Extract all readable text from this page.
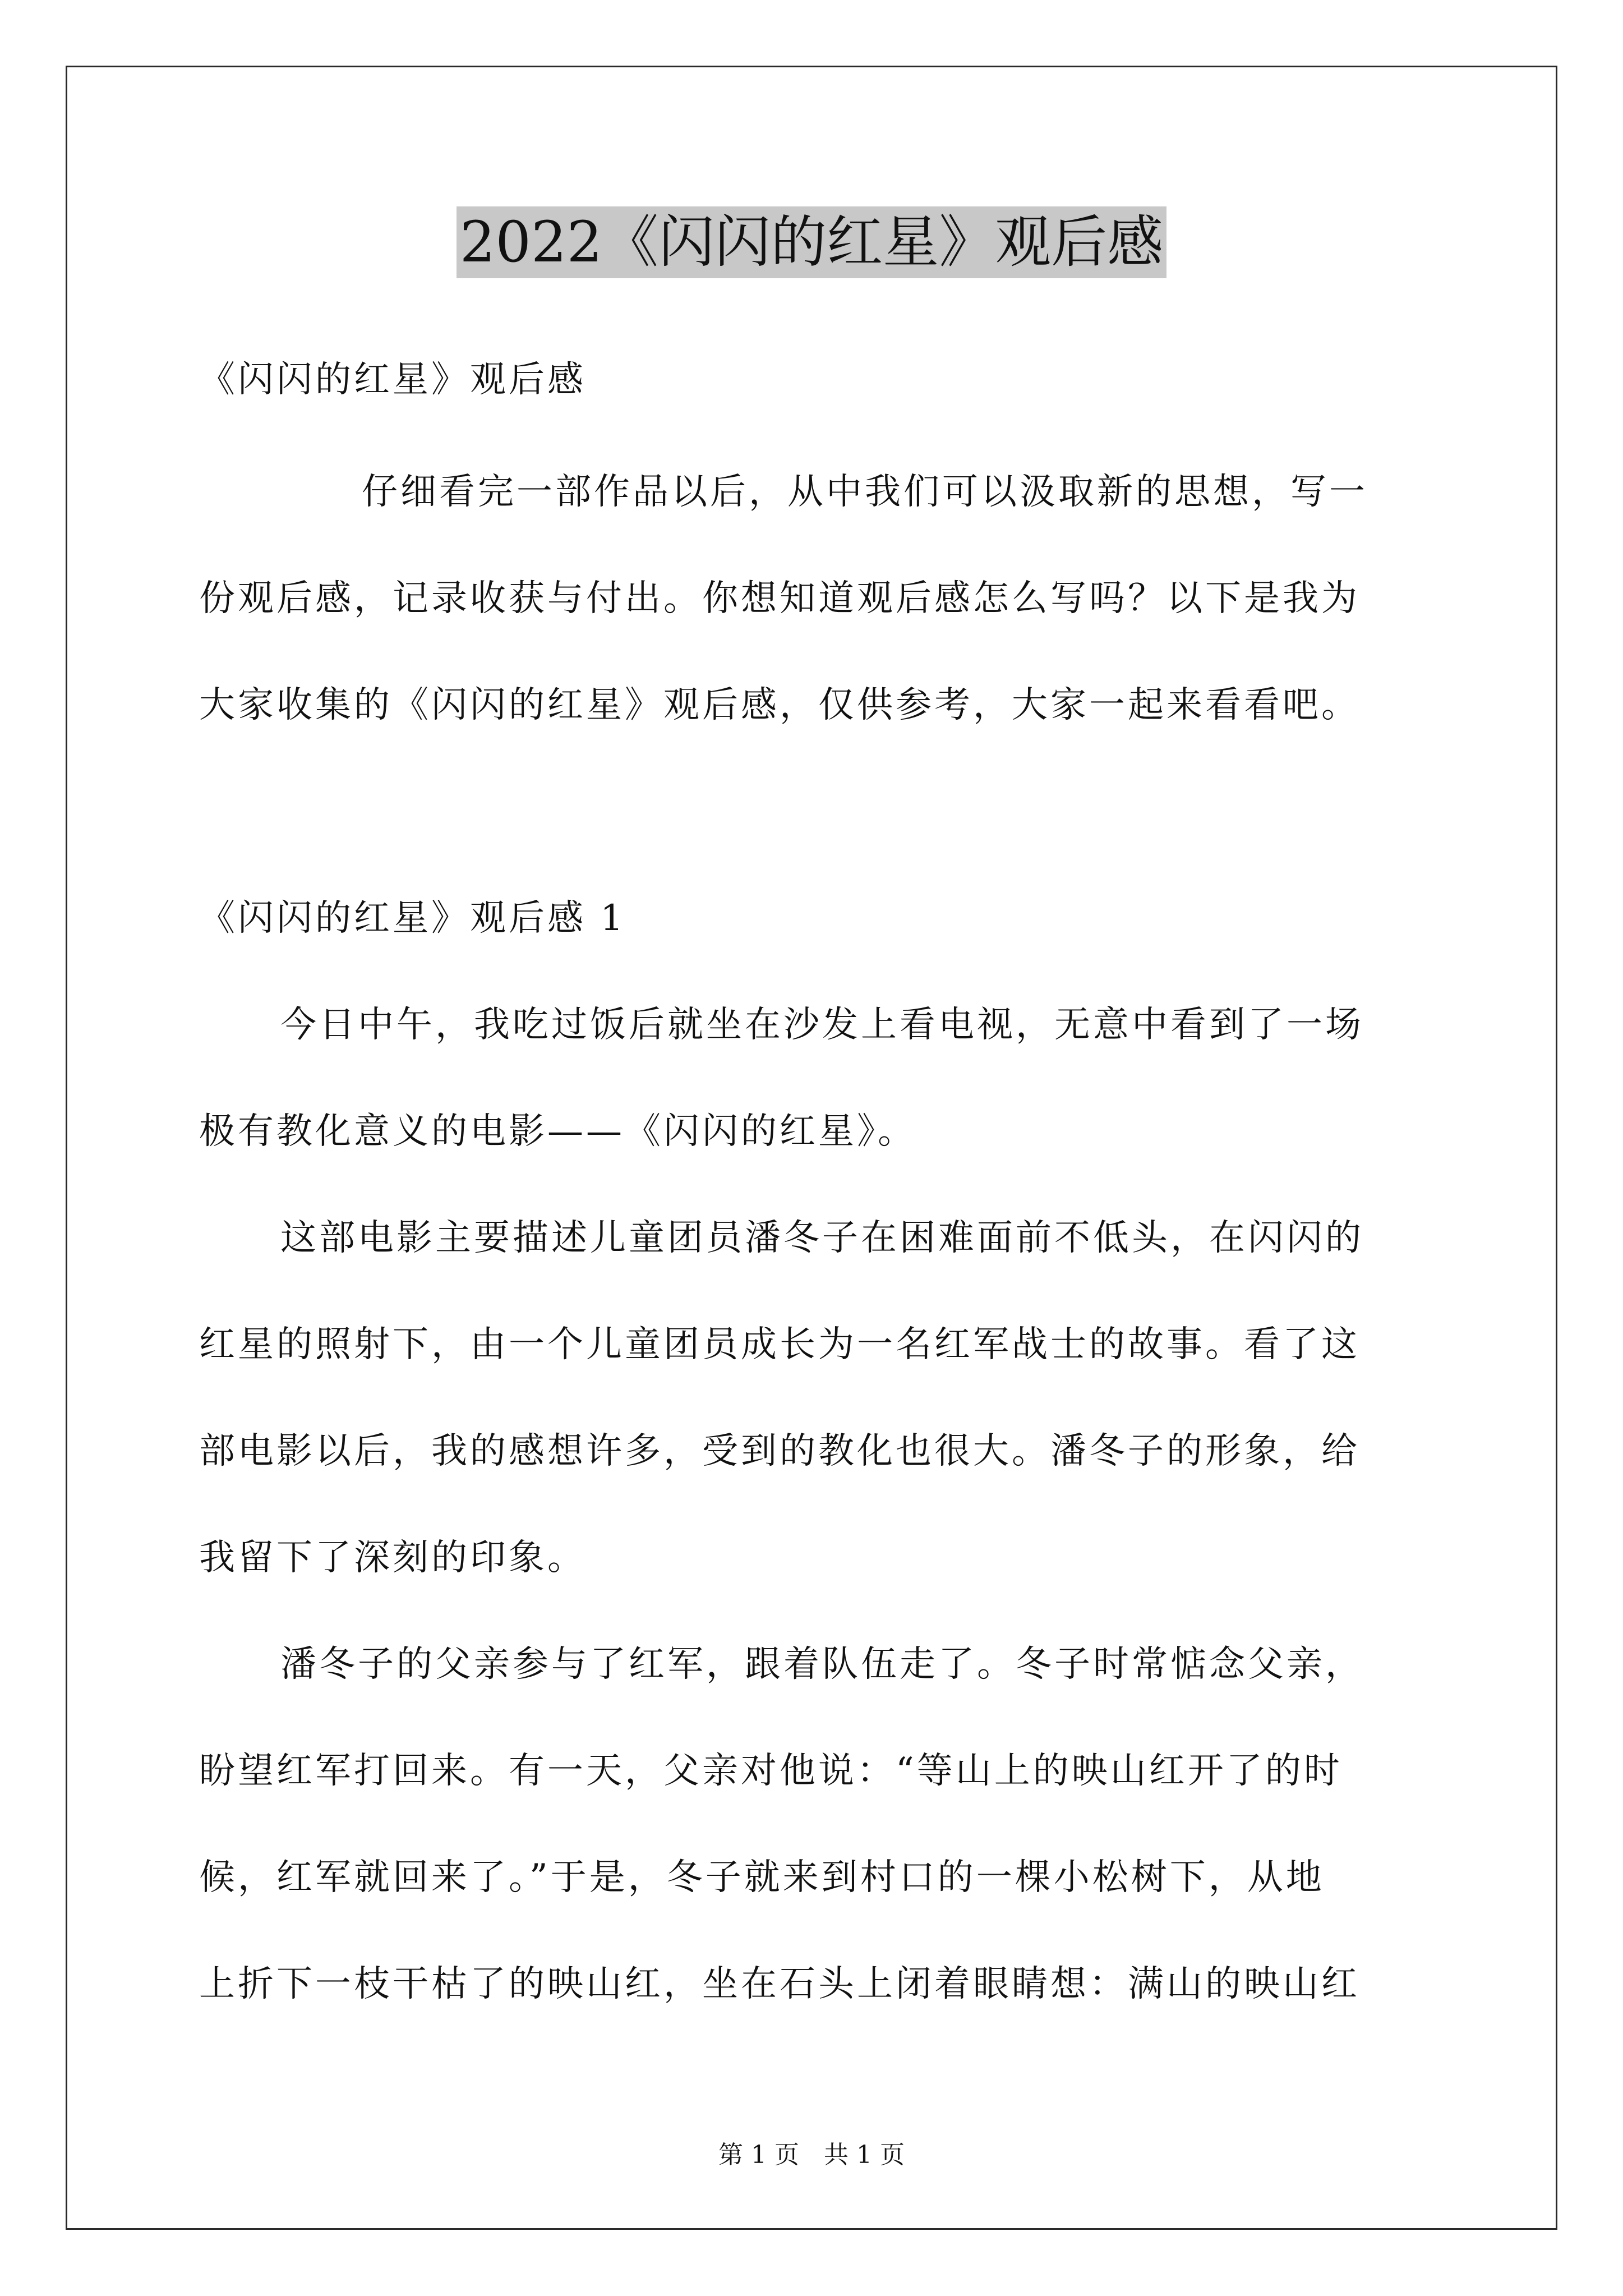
2022《闪闪的红星》观后感
《闪闪的红星》观后感
仔细看完一部作品以后，从中我们可以汲取新的思想，写一
份观后感，记录收获与付出。你想知道观后感怎么写吗？以下是我为
大家收集的《闪闪的红星》观后感，仅供参考，大家一起来看看吧。
《闪闪的红星》观后感 1
今日中午，我吃过饭后就坐在沙发上看电视，无意中看到了一场
极有教化意义的电影——《闪闪的红星》。
这部电影主要描述儿童团员潘冬子在困难面前不低头，在闪闪的
红星的照射下，由一个儿童团员成长为一名红军战士的故事。看了这
部电影以后，我的感想许多，受到的教化也很大。潘冬子的形象，给
我留下了深刻的印象。
潘冬子的父亲参与了红军，跟着队伍走了。冬子时常惦念父亲，
盼望红军打回来。有一天，父亲对他说：“等山上的映山红开了的时
候，红军就回来了。”于是，冬子就来到村口的一棵小松树下，从地
上折下一枝干枯了的映山红，坐在石头上闭着眼睛想：满山的映山红
第 1 页　共 1 页
